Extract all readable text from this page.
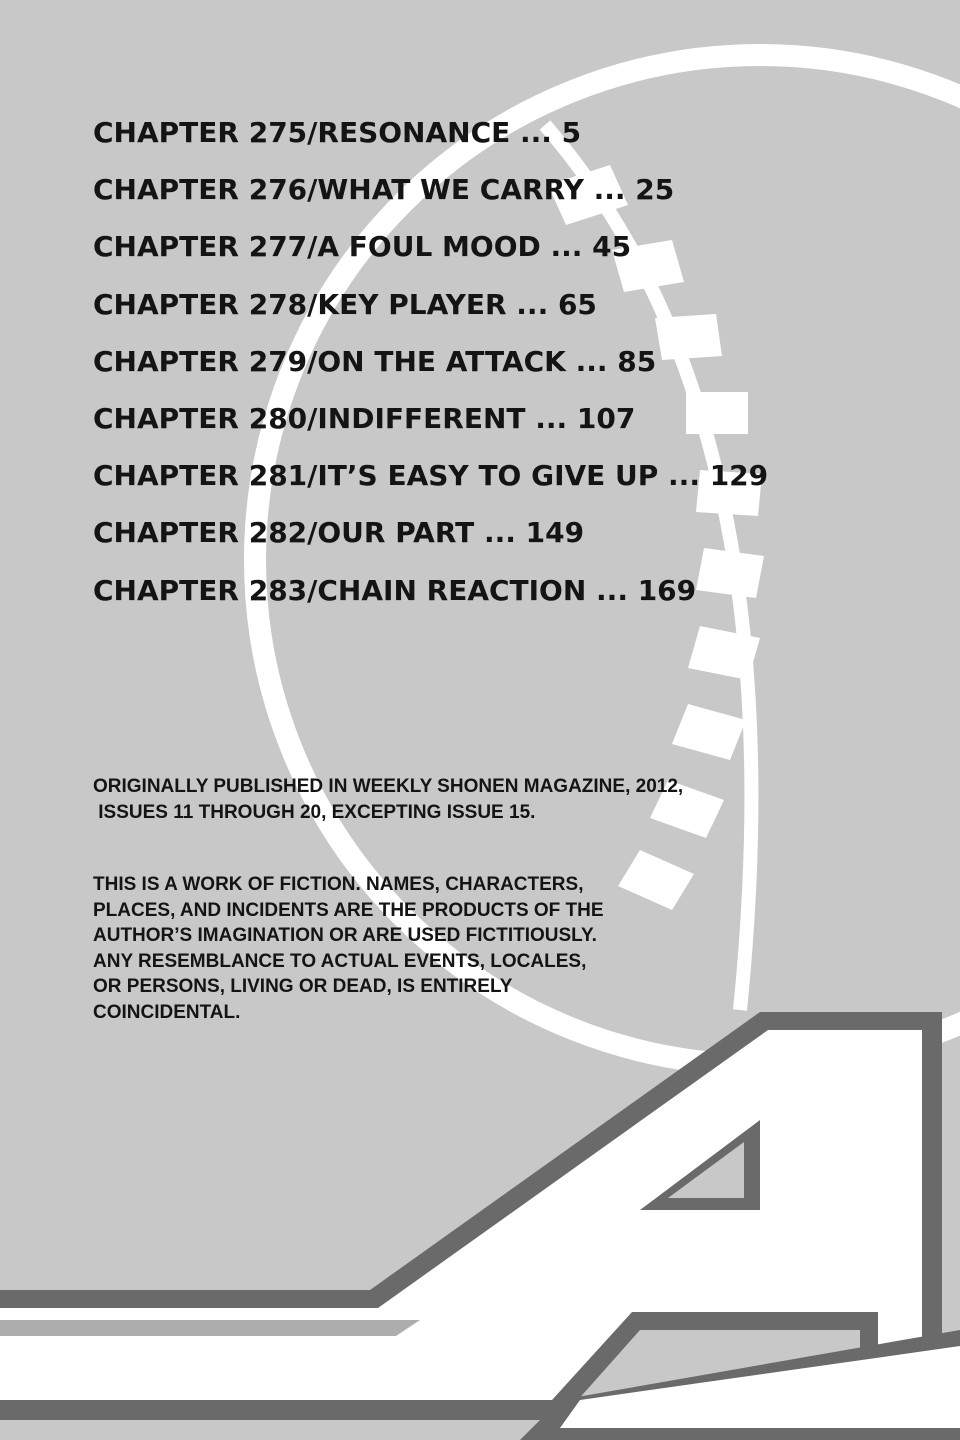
CHAPTER 275/RESONANCE ... 5
CHAPTER 276/WHAT WE CARRY ... 25
CHAPTER 277/A FOUL MOOD ... 45
CHAPTER 278/KEY PLAYER ... 65
CHAPTER 279/ON THE ATTACK ... 85
CHAPTER 280/INDIFFERENT ... 107
CHAPTER 281/IT’S EASY TO GIVE UP ... 129
CHAPTER 282/OUR PART ... 149
CHAPTER 283/CHAIN REACTION ... 169
ORIGINALLY PUBLISHED IN WEEKLY SHONEN MAGAZINE, 2012,
ISSUES 11 THROUGH 20, EXCEPTING ISSUE 15.
THIS IS A WORK OF FICTION. NAMES, CHARACTERS,
PLACES, AND INCIDENTS ARE THE PRODUCTS OF THE
AUTHOR’S IMAGINATION OR ARE USED FICTITIOUSLY.
ANY RESEMBLANCE TO ACTUAL EVENTS, LOCALES,
OR PERSONS, LIVING OR DEAD, IS ENTIRELY
COINCIDENTAL.
